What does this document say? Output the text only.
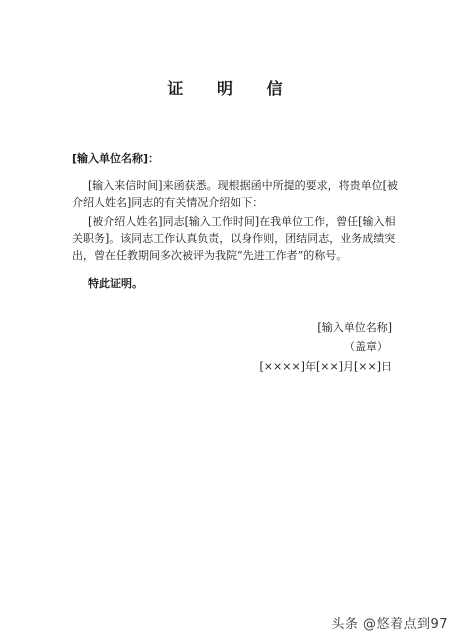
证 明 信
[输入单位名称]：
[输入来信时间]来函获悉。现根据函中所提的要求，将贵单位[被介绍人姓名]同志的有关情况介绍如下：
[被介绍人姓名]同志[输入工作时间]在我单位工作，曾任[输入相关职务]。该同志工作认真负责，以身作则，团结同志，业务成绩突出，曾在任教期间多次被评为我院“先进工作者”的称号。
特此证明。
[输入单位名称]
（盖章）
[××××]年[××]月[××]日
头条 @悠着点到97
